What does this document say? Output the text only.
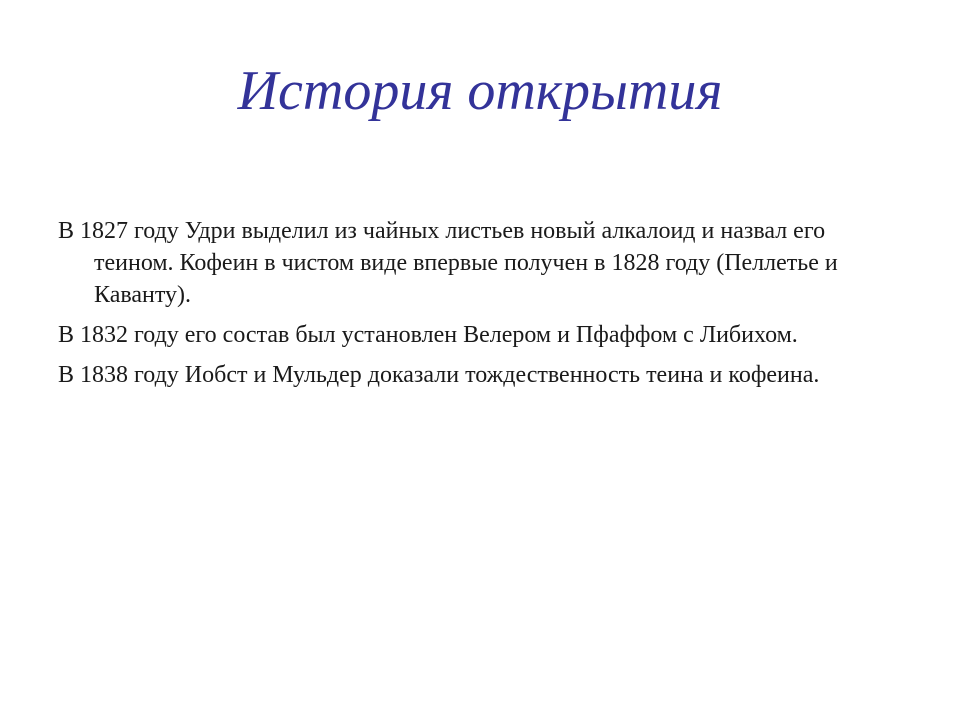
История открытия

В 1827 году Удри выделил из чайных листьев новый алкалоид и назвал его теином. Кофеин в чистом виде впервые получен в 1828 году (Пеллетье и Каванту).

В 1832 году его состав был установлен Велером и Пфаффом с Либихом.

В 1838 году Иобст и Мульдер доказали тождественность теина и кофеина.
